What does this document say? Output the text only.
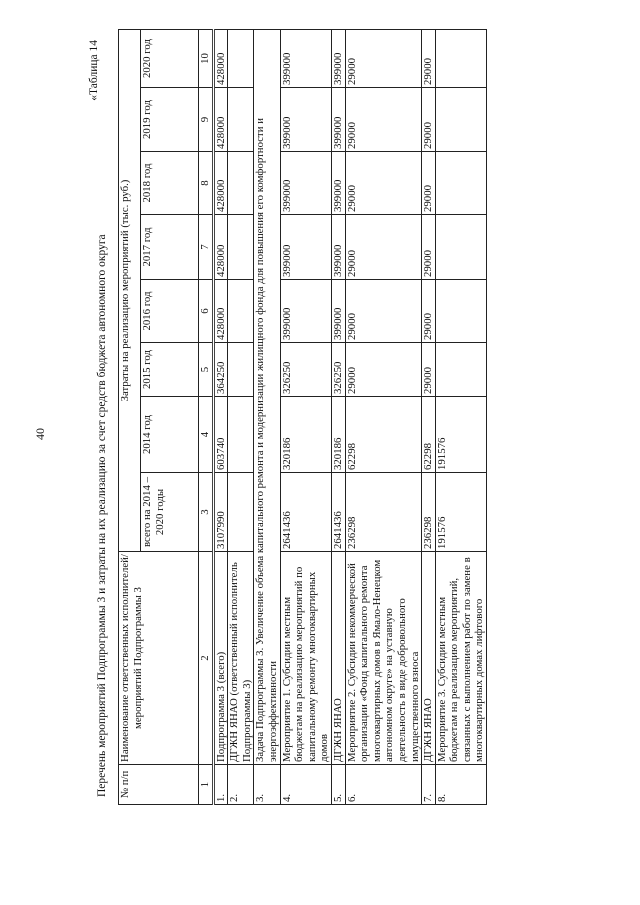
40
«Таблица 14
Перечень мероприятий Подпрограммы 3 и затраты на их реализацию за счет средств бюджета автономного округа № п/п	Наименование ответственных исполнителей/мероприятий Подпрограммы 3	Затраты на реализацию мероприятий (тыс. руб.)							
		всего на 2014 – 2020 годы	2014 год	2015 год	2016 год	2017 год	2018 год	2019 год	2020 год
1	2	3	4	5	6	7	8	9	10
1.	Подпрограмма 3 (всего)	3107990	603740	364250	428000	428000	428000	428000	428000
2.	ДГЖН ЯНАО (ответственный исполнитель Подпрограммы 3)								
3.	Задача Подпрограммы 3. Увеличение объема капитального ремонта и модернизации жилищного фонда для повышения его комфортности и энергоэффективности								
4.	Мероприятие 1. Субсидии местным бюджетам на реализацию мероприятий по капитальному ремонту многоквартирных домов	2641436	320186	326250	399000	399000	399000	399000	399000
5.	ДГЖН ЯНАО	2641436	320186	326250	399000	399000	399000	399000	399000
6.	Мероприятие 2. Субсидии некоммерческой организации «Фонд капитального ремонта многоквартирных домов в Ямало-Ненецком автономном округе» на уставную деятельность в виде добровольного имущественного взноса	236298	62298	29000	29000	29000	29000	29000	29000
7.	ДГЖН ЯНАО	236298	62298	29000	29000	29000	29000	29000	29000
8.	Мероприятие 3. Субсидии местным бюджетам на реализацию мероприятий, связанных с выполнением работ по замене в многоквартирных домах лифтового	191576	191576						
